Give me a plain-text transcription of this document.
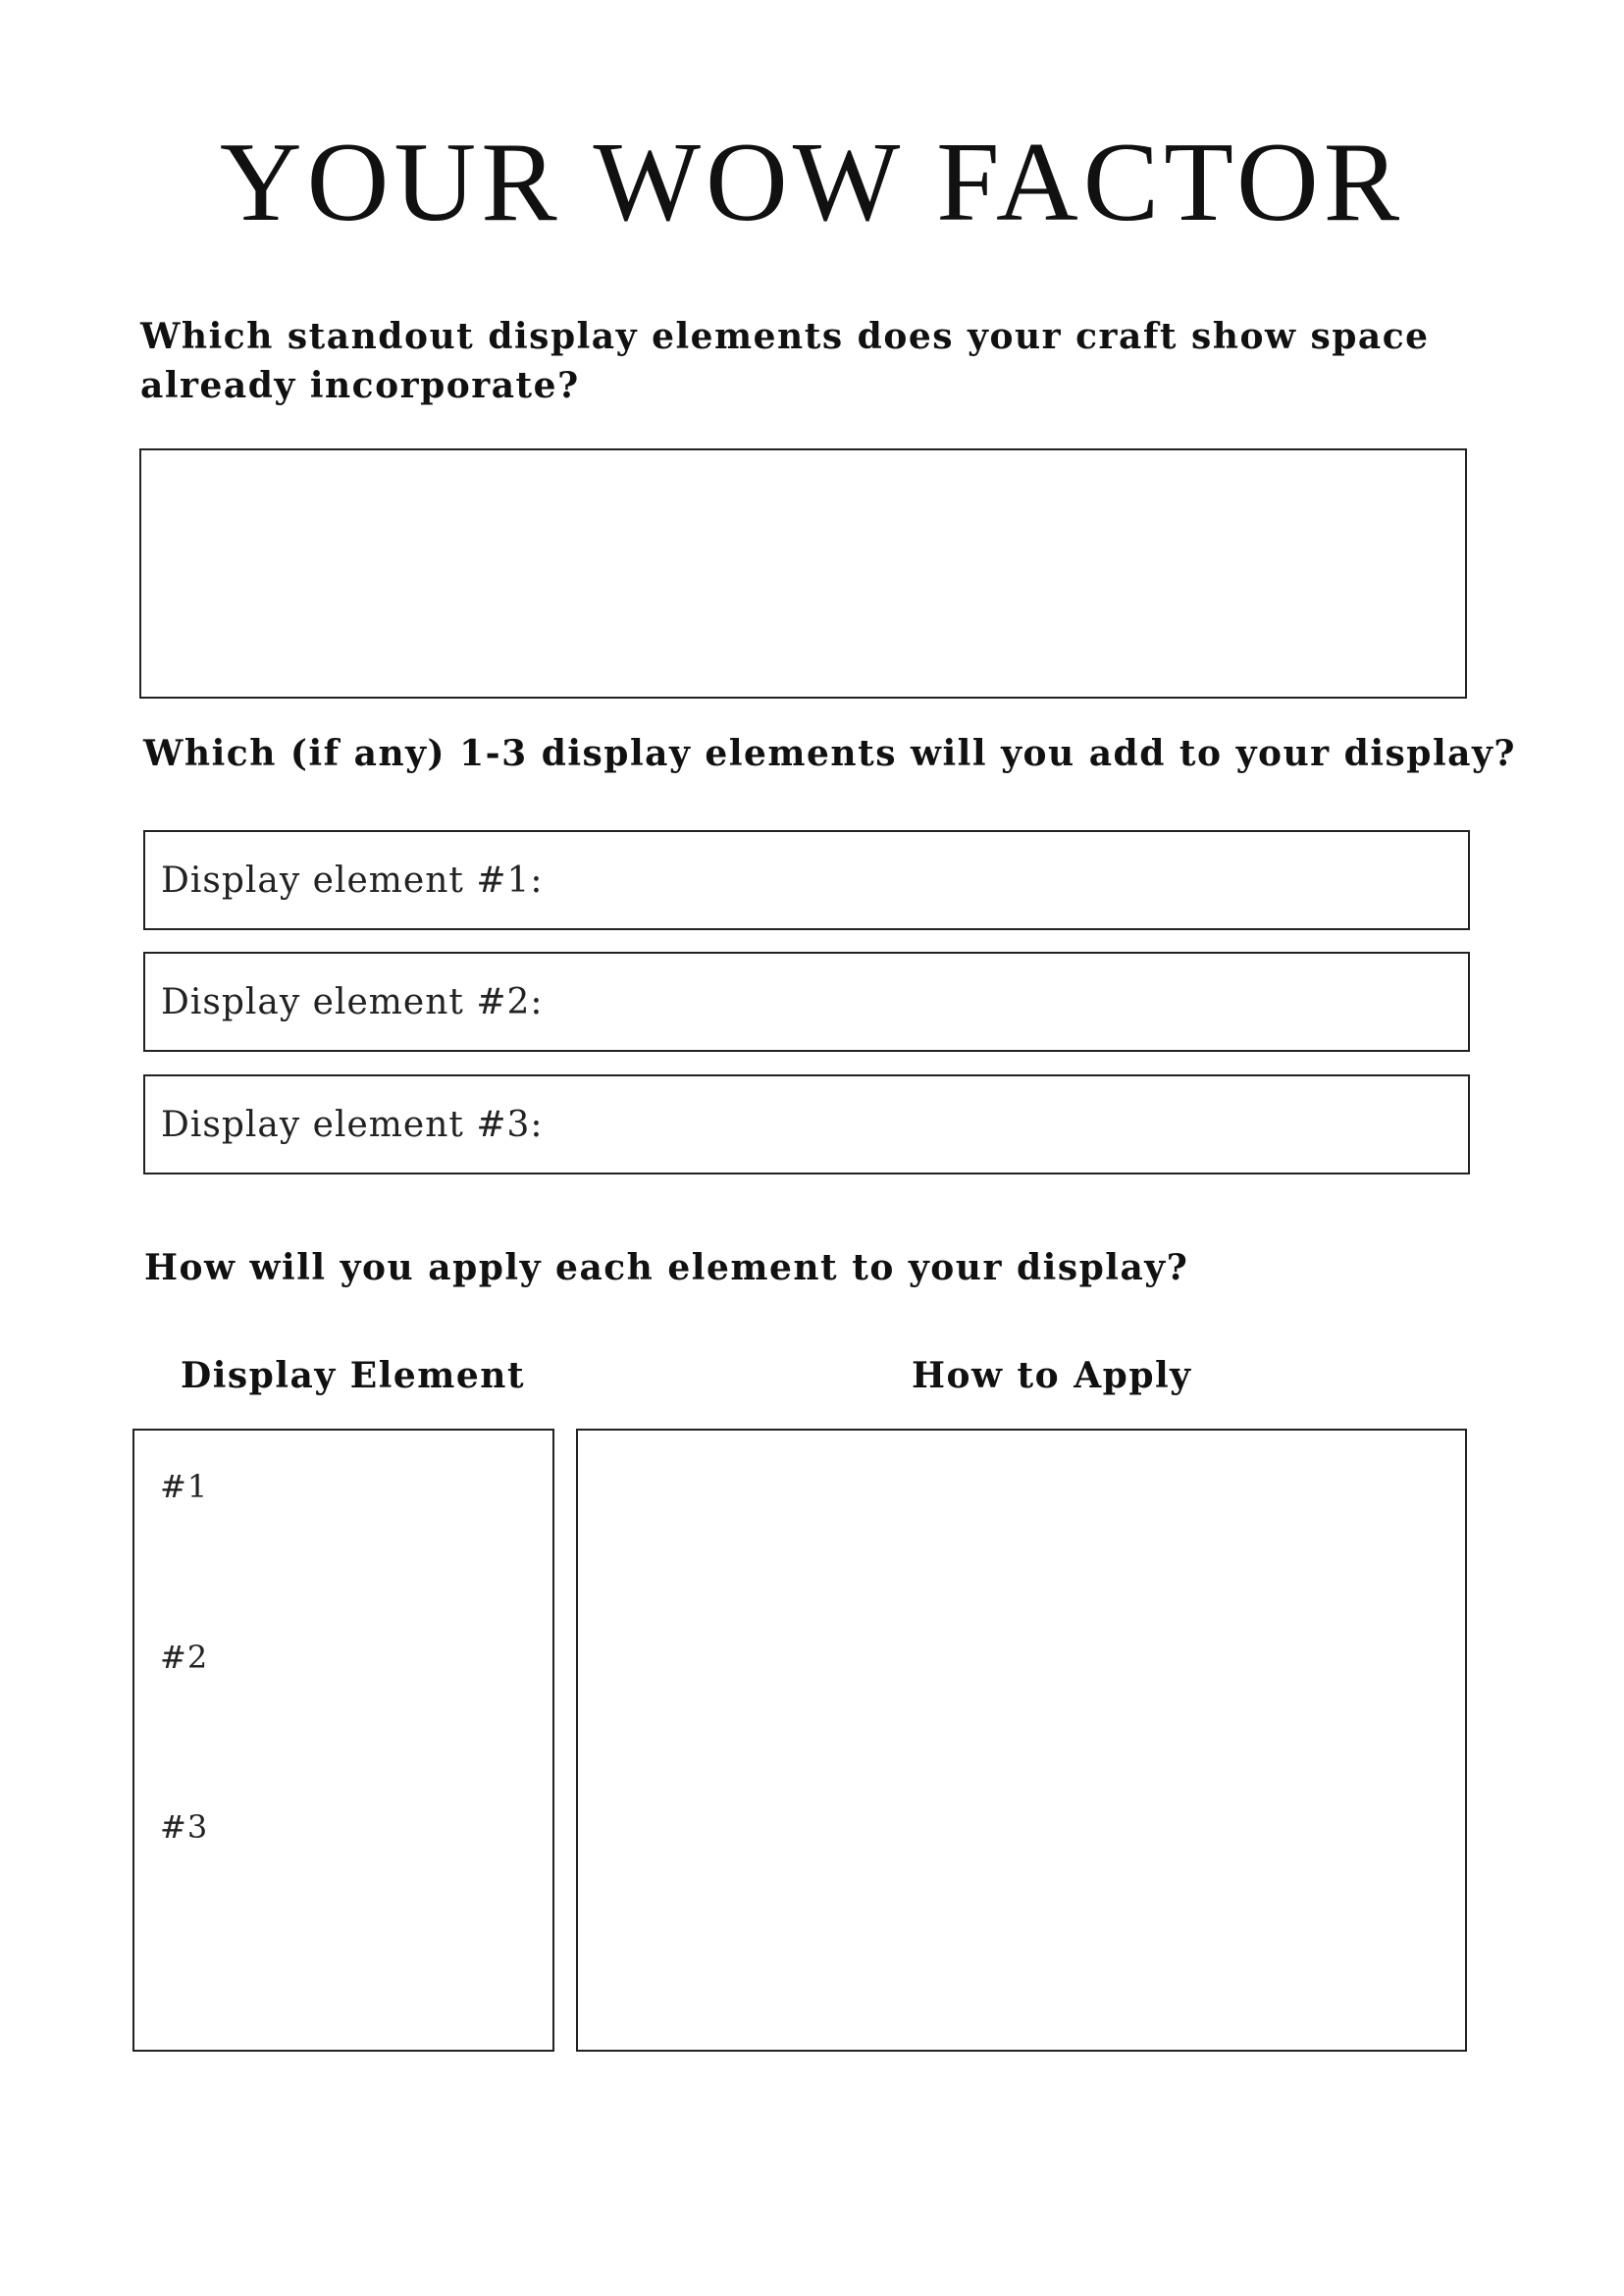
YOUR WOW FACTOR
Which standout display elements does your craft show space
already incorporate?
Which (if any) 1-3 display elements will you add to your display?
Display element #1:
Display element #2:
Display element #3:
How will you apply each element to your display?
Display Element	How to Apply
#1
#2
#3
